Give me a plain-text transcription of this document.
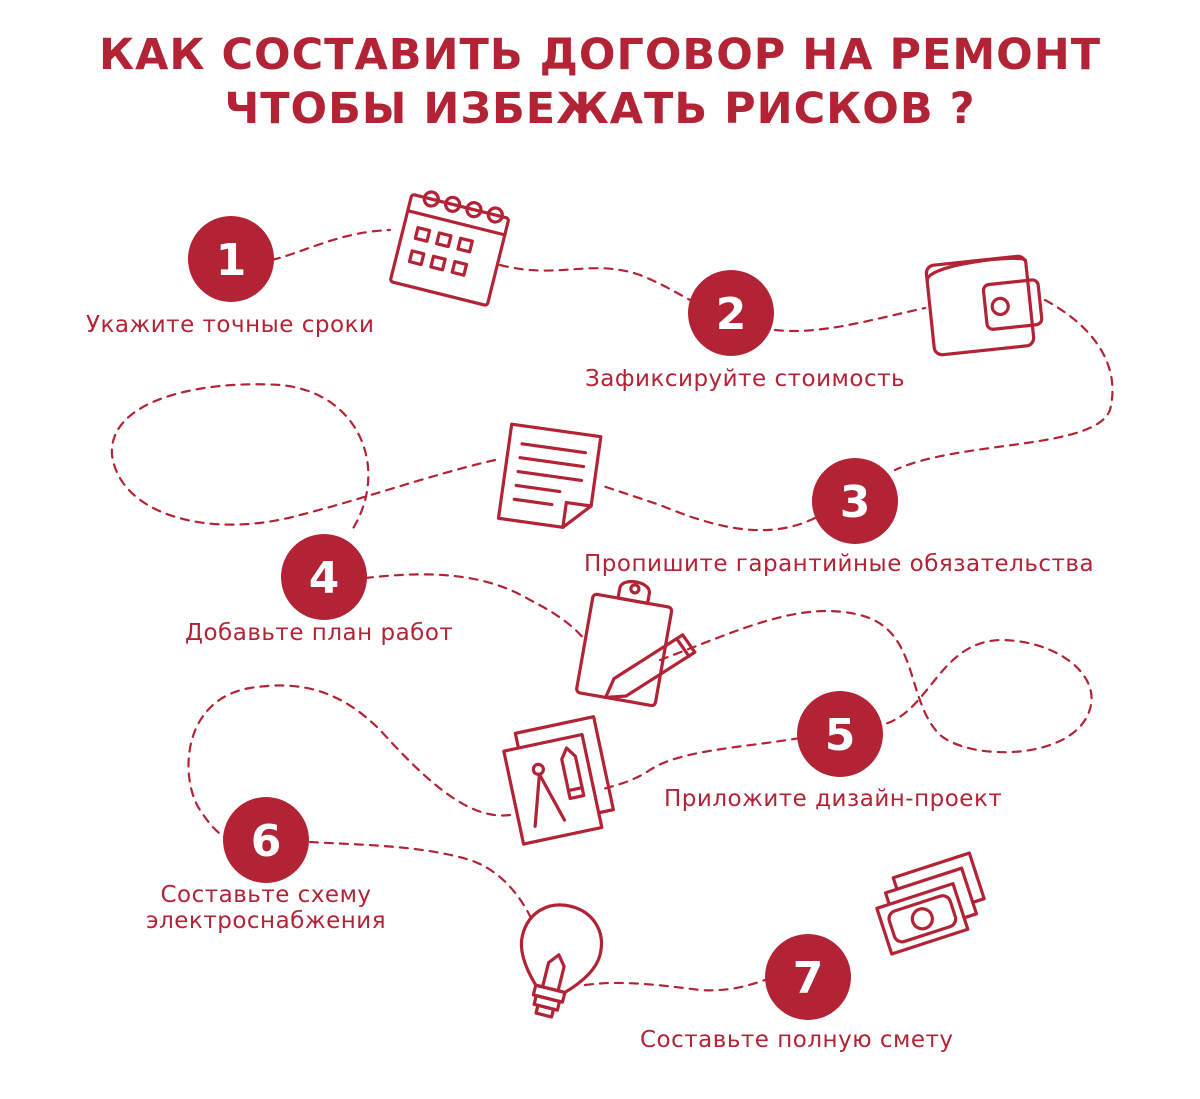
КАК СОСТАВИТЬ ДОГОВОР НА РЕМОНТ
ЧТОБЫ ИЗБЕЖАТЬ РИСКОВ ?
1
2
3
4
5
6
7
Укажите точные сроки
Зафиксируйте стоимость
Пропишите гарантийные обязательства
Добавьте план работ
Приложите дизайн-проект
Составьте схему
электроснабжения
Составьте полную смету
